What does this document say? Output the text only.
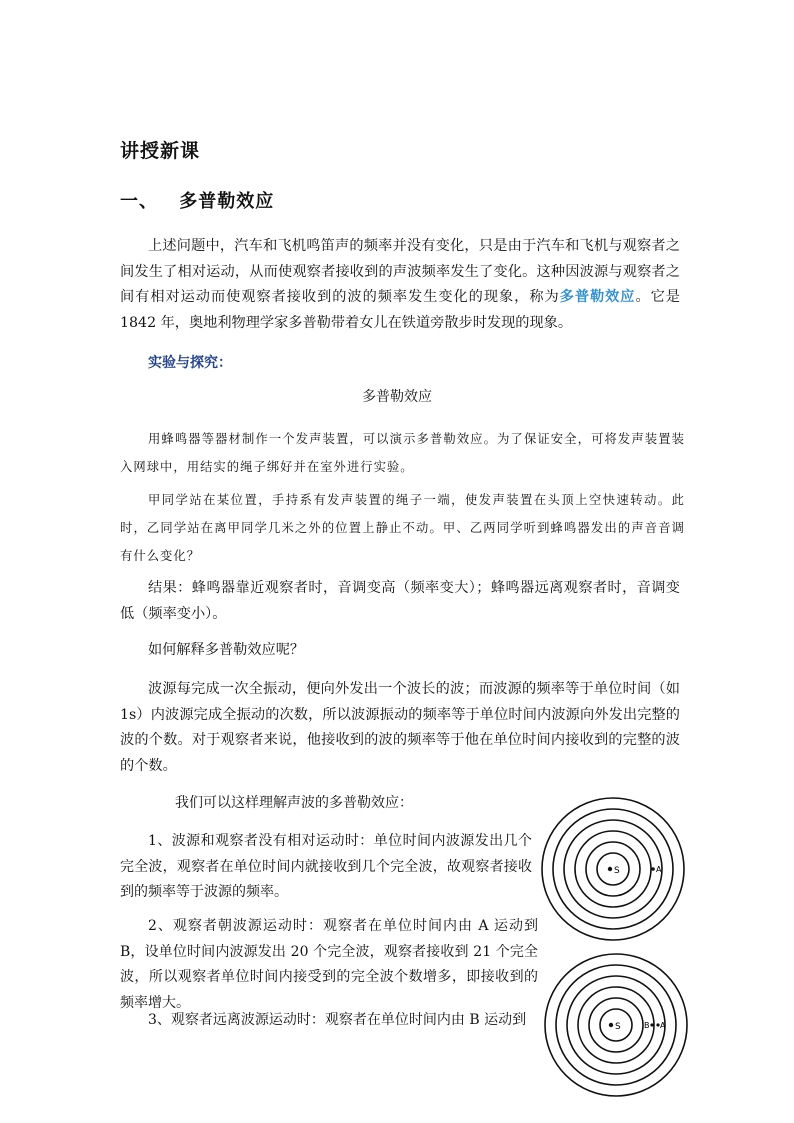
讲授新课
一、 多普勒效应
上述问题中，汽车和飞机鸣笛声的频率并没有变化，只是由于汽车和飞机与观察者之间发生了相对运动，从而使观察者接收到的声波频率发生了变化。这种因波源与观察者之间有相对运动而使观察者接收到的波的频率发生变化的现象，称为多普勒效应。它是 1842 年，奥地利物理学家多普勒带着女儿在铁道旁散步时发现的现象。
实验与探究：
多普勒效应
用蜂鸣器等器材制作一个发声装置，可以演示多普勒效应。为了保证安全，可将发声装置装入网球中，用结实的绳子绑好并在室外进行实验。
甲同学站在某位置，手持系有发声装置的绳子一端，使发声装置在头顶上空快速转动。此时，乙同学站在离甲同学几米之外的位置上静止不动。甲、乙两同学听到蜂鸣器发出的声音音调有什么变化？
结果：蜂鸣器靠近观察者时，音调变高（频率变大）；蜂鸣器远离观察者时，音调变低（频率变小）。
如何解释多普勒效应呢？
波源每完成一次全振动，便向外发出一个波长的波；而波源的频率等于单位时间（如1s）内波源完成全振动的次数，所以波源振动的频率等于单位时间内波源向外发出完整的波的个数。对于观察者来说，他接收到的波的频率等于他在单位时间内接收到的完整的波的个数。
我们可以这样理解声波的多普勒效应：
1、波源和观察者没有相对运动时：单位时间内波源发出几个完全波，观察者在单位时间内就接收到几个完全波，故观察者接收到的频率等于波源的频率。
2、观察者朝波源运动时：观察者在单位时间内由 A 运动到 B，设单位时间内波源发出 20 个完全波，观察者接收到 21 个完全波，所以观察者单位时间内接受到的完全波个数增多，即接收到的频率增大。
3、观察者远离波源运动时：观察者在单位时间内由 B 运动到
S	A
S	B A
